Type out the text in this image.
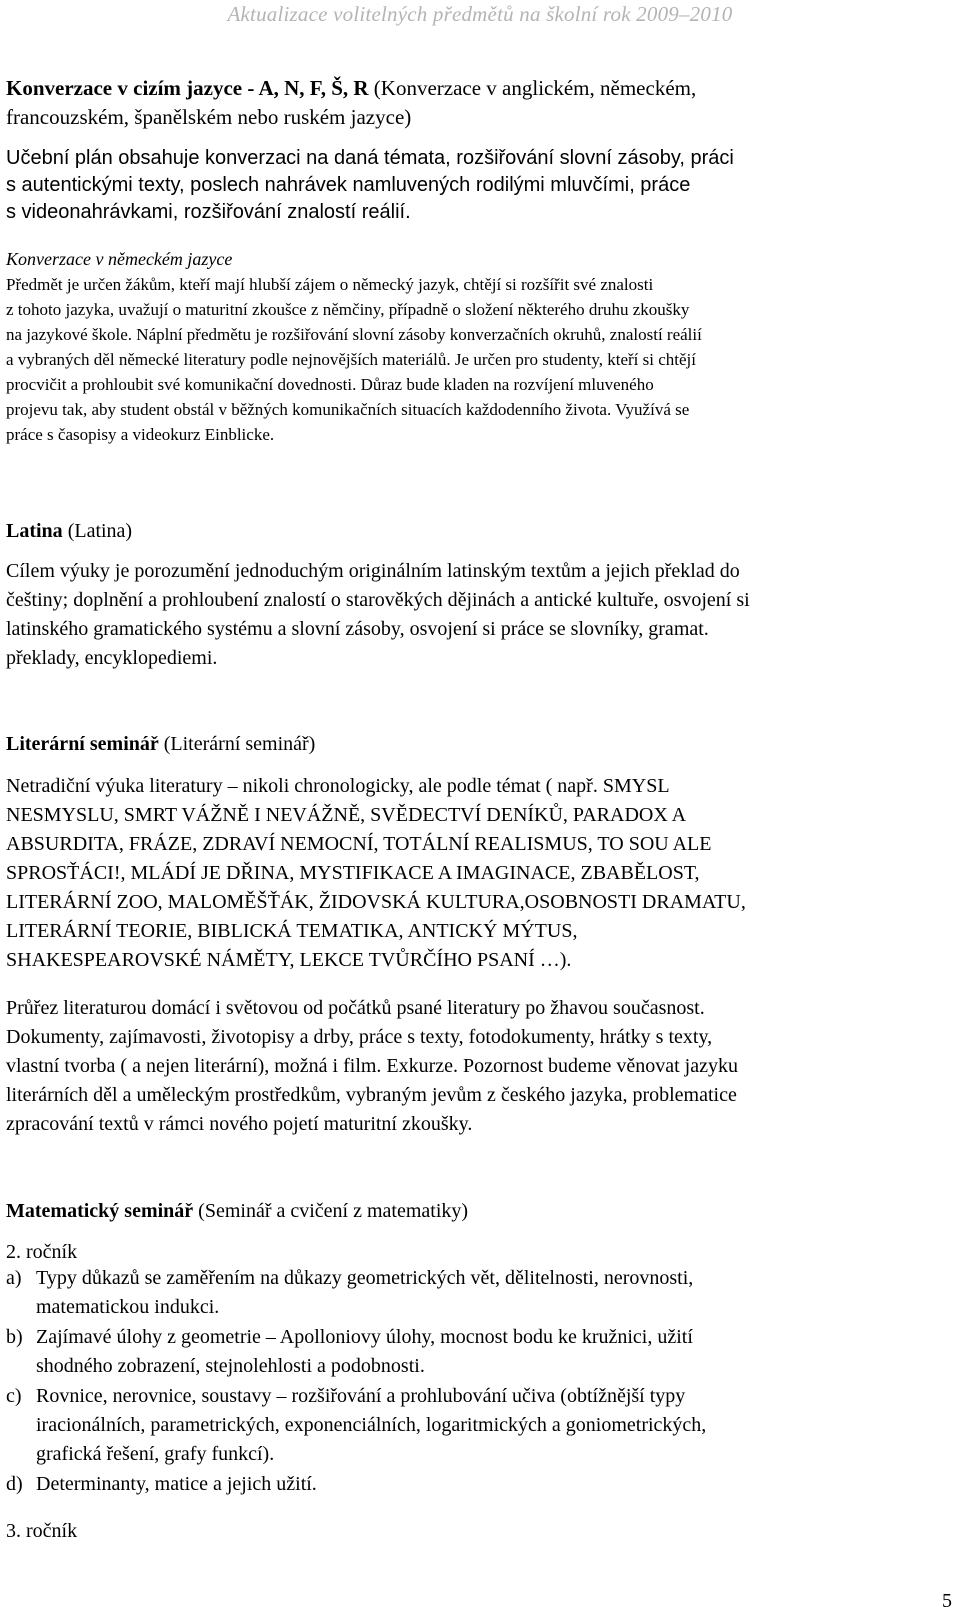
Aktualizace volitelných předmětů na školní rok 2009–2010
Konverzace v cizím jazyce - A, N, F, Š, R (Konverzace v anglickém, německém,
francouzském, španělském nebo ruském jazyce)
Učební plán obsahuje konverzaci na daná témata, rozšiřování slovní zásoby, práci
s autentickými texty, poslech nahrávek namluvených rodilými mluvčími, práce
s videonahrávkami, rozšiřování znalostí reálií.
Konverzace v německém jazyce
Předmět je určen žákům, kteří mají hlubší zájem o německý jazyk, chtějí si rozšířit své znalosti
z tohoto jazyka, uvažují o maturitní zkoušce z němčiny, případně o složení některého druhu zkoušky
na jazykové škole. Náplní předmětu je rozšiřování slovní zásoby konverzačních okruhů, znalostí reálií
a vybraných děl německé literatury podle nejnovějších materiálů. Je určen pro studenty, kteří si chtějí
procvičit a prohloubit své komunikační dovednosti. Důraz bude kladen na rozvíjení mluveného
projevu tak, aby student obstál v běžných komunikačních situacích každodenního života. Využívá se
práce s časopisy a videokurz Einblicke.
Latina (Latina)
Cílem výuky je porozumění jednoduchým originálním latinským textům a jejich překlad do
češtiny; doplnění a prohloubení znalostí o starověkých dějinách a antické kultuře, osvojení si
latinského gramatického systému a slovní zásoby, osvojení si práce se slovníky, gramat.
překlady, encyklopediemi.
Literární seminář (Literární seminář)
Netradiční výuka literatury – nikoli chronologicky, ale podle témat ( např. SMYSL
NESMYSLU, SMRT VÁŽNĚ I NEVÁŽNĚ, SVĚDECTVÍ DENÍKŮ, PARADOX A
ABSURDITA, FRÁZE, ZDRAVÍ NEMOCNÍ, TOTÁLNÍ REALISMUS, TO SOU ALE
SPROSŤÁCI!, MLÁDÍ JE DŘINA, MYSTIFIKACE A IMAGINACE, ZBABĚLOST,
LITERÁRNÍ ZOO, MALOMĚŠŤÁK, ŽIDOVSKÁ KULTURA,OSOBNOSTI DRAMATU,
LITERÁRNÍ TEORIE, BIBLICKÁ TEMATIKA, ANTICKÝ MÝTUS,
SHAKESPEAROVSKÉ NÁMĚTY, LEKCE TVŮRČÍHO PSANÍ …).
Průřez literaturou domácí i světovou od počátků psané literatury po žhavou současnost.
Dokumenty, zajímavosti, životopisy a drby, práce s texty, fotodokumenty, hrátky s texty,
vlastní tvorba ( a nejen literární), možná i film. Exkurze. Pozornost budeme věnovat jazyku
literárních děl a uměleckým prostředkům, vybraným jevům z českého jazyka, problematice
zpracování textů v rámci nového pojetí maturitní zkoušky.
Matematický seminář (Seminář a cvičení z matematiky)
2. ročník
a) Typy důkazů se zaměřením na důkazy geometrických vět, dělitelnosti, nerovnosti,
matematickou indukci.
b) Zajímavé úlohy z geometrie – Apolloniovy úlohy, mocnost bodu ke kružnici, užití
shodného zobrazení, stejnolehlosti a podobnosti.
c) Rovnice, nerovnice, soustavy – rozšiřování a prohlubování učiva (obtížnější typy
iracionálních, parametrických, exponenciálních, logaritmických a goniometrických,
grafická řešení, grafy funkcí).
d) Determinanty, matice a jejich užití.
3. ročník
5
